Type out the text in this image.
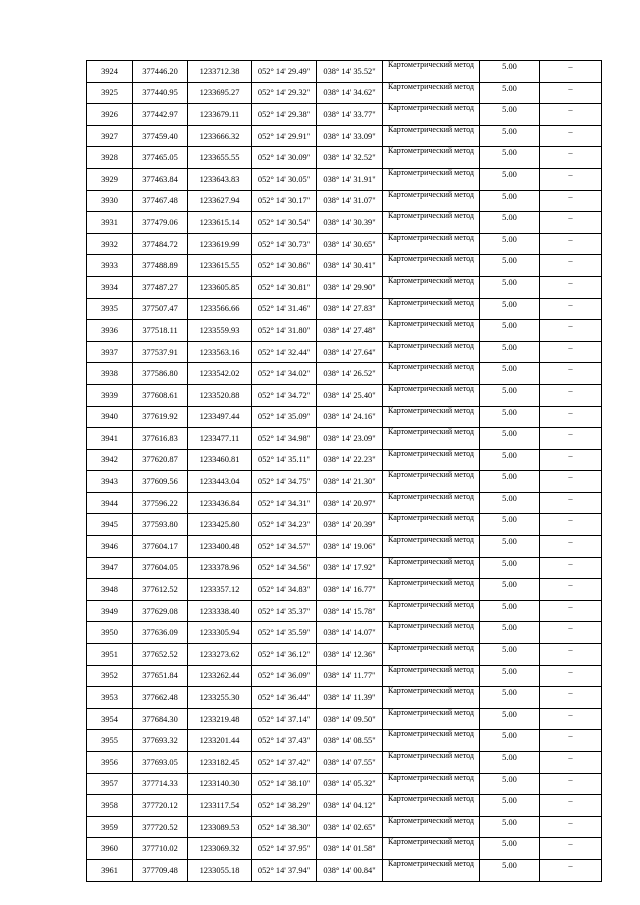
3924	377446.20	1233712.38	052° 14' 29.49"	038° 14' 35.52"	Картометрический метод	5.00	–
3925	377440.95	1233695.27	052° 14' 29.32"	038° 14' 34.62"	Картометрический метод	5.00	–
3926	377442.97	1233679.11	052° 14' 29.38"	038° 14' 33.77"	Картометрический метод	5.00	–
3927	377459.40	1233666.32	052° 14' 29.91"	038° 14' 33.09"	Картометрический метод	5.00	–
3928	377465.05	1233655.55	052° 14' 30.09"	038° 14' 32.52"	Картометрический метод	5.00	–
3929	377463.84	1233643.83	052° 14' 30.05"	038° 14' 31.91"	Картометрический метод	5.00	–
3930	377467.48	1233627.94	052° 14' 30.17"	038° 14' 31.07"	Картометрический метод	5.00	–
3931	377479.06	1233615.14	052° 14' 30.54"	038° 14' 30.39"	Картометрический метод	5.00	–
3932	377484.72	1233619.99	052° 14' 30.73"	038° 14' 30.65"	Картометрический метод	5.00	–
3933	377488.89	1233615.55	052° 14' 30.86"	038° 14' 30.41"	Картометрический метод	5.00	–
3934	377487.27	1233605.85	052° 14' 30.81"	038° 14' 29.90"	Картометрический метод	5.00	–
3935	377507.47	1233566.66	052° 14' 31.46"	038° 14' 27.83"	Картометрический метод	5.00	–
3936	377518.11	1233559.93	052° 14' 31.80"	038° 14' 27.48"	Картометрический метод	5.00	–
3937	377537.91	1233563.16	052° 14' 32.44"	038° 14' 27.64"	Картометрический метод	5.00	–
3938	377586.80	1233542.02	052° 14' 34.02"	038° 14' 26.52"	Картометрический метод	5.00	–
3939	377608.61	1233520.88	052° 14' 34.72"	038° 14' 25.40"	Картометрический метод	5.00	–
3940	377619.92	1233497.44	052° 14' 35.09"	038° 14' 24.16"	Картометрический метод	5.00	–
3941	377616.83	1233477.11	052° 14' 34.98"	038° 14' 23.09"	Картометрический метод	5.00	–
3942	377620.87	1233460.81	052° 14' 35.11"	038° 14' 22.23"	Картометрический метод	5.00	–
3943	377609.56	1233443.04	052° 14' 34.75"	038° 14' 21.30"	Картометрический метод	5.00	–
3944	377596.22	1233436.84	052° 14' 34.31"	038° 14' 20.97"	Картометрический метод	5.00	–
3945	377593.80	1233425.80	052° 14' 34.23"	038° 14' 20.39"	Картометрический метод	5.00	–
3946	377604.17	1233400.48	052° 14' 34.57"	038° 14' 19.06"	Картометрический метод	5.00	–
3947	377604.05	1233378.96	052° 14' 34.56"	038° 14' 17.92"	Картометрический метод	5.00	–
3948	377612.52	1233357.12	052° 14' 34.83"	038° 14' 16.77"	Картометрический метод	5.00	–
3949	377629.08	1233338.40	052° 14' 35.37"	038° 14' 15.78"	Картометрический метод	5.00	–
3950	377636.09	1233305.94	052° 14' 35.59"	038° 14' 14.07"	Картометрический метод	5.00	–
3951	377652.52	1233273.62	052° 14' 36.12"	038° 14' 12.36"	Картометрический метод	5.00	–
3952	377651.84	1233262.44	052° 14' 36.09"	038° 14' 11.77"	Картометрический метод	5.00	–
3953	377662.48	1233255.30	052° 14' 36.44"	038° 14' 11.39"	Картометрический метод	5.00	–
3954	377684.30	1233219.48	052° 14' 37.14"	038° 14' 09.50"	Картометрический метод	5.00	–
3955	377693.32	1233201.44	052° 14' 37.43"	038° 14' 08.55"	Картометрический метод	5.00	–
3956	377693.05	1233182.45	052° 14' 37.42"	038° 14' 07.55"	Картометрический метод	5.00	–
3957	377714.33	1233140.30	052° 14' 38.10"	038° 14' 05.32"	Картометрический метод	5.00	–
3958	377720.12	1233117.54	052° 14' 38.29"	038° 14' 04.12"	Картометрический метод	5.00	–
3959	377720.52	1233089.53	052° 14' 38.30"	038° 14' 02.65"	Картометрический метод	5.00	–
3960	377710.02	1233069.32	052° 14' 37.95"	038° 14' 01.58"	Картометрический метод	5.00	–
3961	377709.48	1233055.18	052° 14' 37.94"	038° 14' 00.84"	Картометрический метод	5.00	–
